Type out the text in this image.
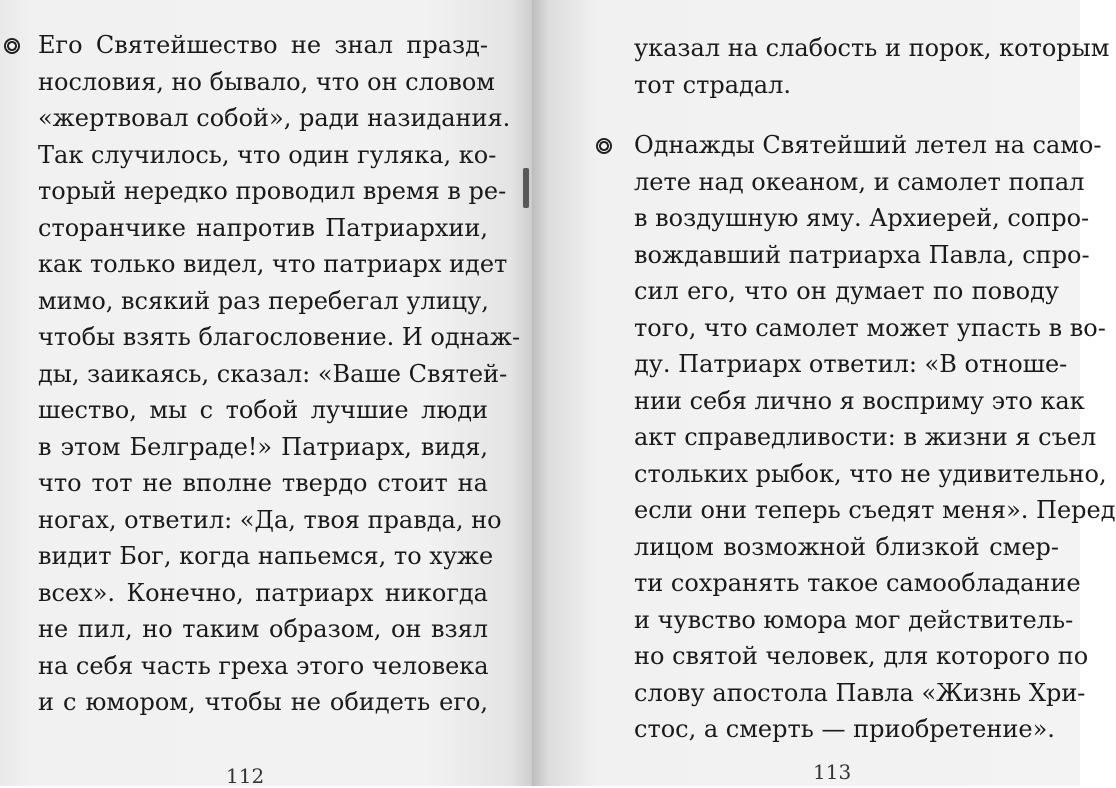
Его Святейшество не знал празд-
нословия, но бывало, что он словом
«жертвовал собой», ради назидания.
Так случилось, что один гуляка, ко-
торый нередко проводил время в ре-
сторанчике напротив Патриархии,
как только видел, что патриарх идет
мимо, всякий раз перебегал улицу,
чтобы взять благословение. И однаж-
ды, заикаясь, сказал: «Ваше Святей-
шество, мы с тобой лучшие люди
в этом Белграде!» Патриарх, видя,
что тот не вполне твердо стоит на
ногах, ответил: «Да, твоя правда, но
видит Бог, когда напьемся, то хуже
всех». Конечно, патриарх никогда
не пил, но таким образом, он взял
на себя часть греха этого человека
и с юмором, чтобы не обидеть его,
указал на слабость и порок, которым
тот страдал.
Однажды Святейший летел на само-
лете над океаном, и самолет попал
в воздушную яму. Архиерей, сопро-
вождавший патриарха Павла, спро-
сил его, что он думает по поводу
того, что самолет может упасть в во-
ду. Патриарх ответил: «В отноше-
нии себя лично я восприму это как
акт справедливости: в жизни я съел
стольких рыбок, что не удивительно,
если они теперь съедят меня». Перед
лицом возможной близкой смер-
ти сохранять такое самообладание
и чувство юмора мог действитель-
но святой человек, для которого по
слову апостола Павла «Жизнь Хри-
стос, а смерть — приобретение».
112	113
